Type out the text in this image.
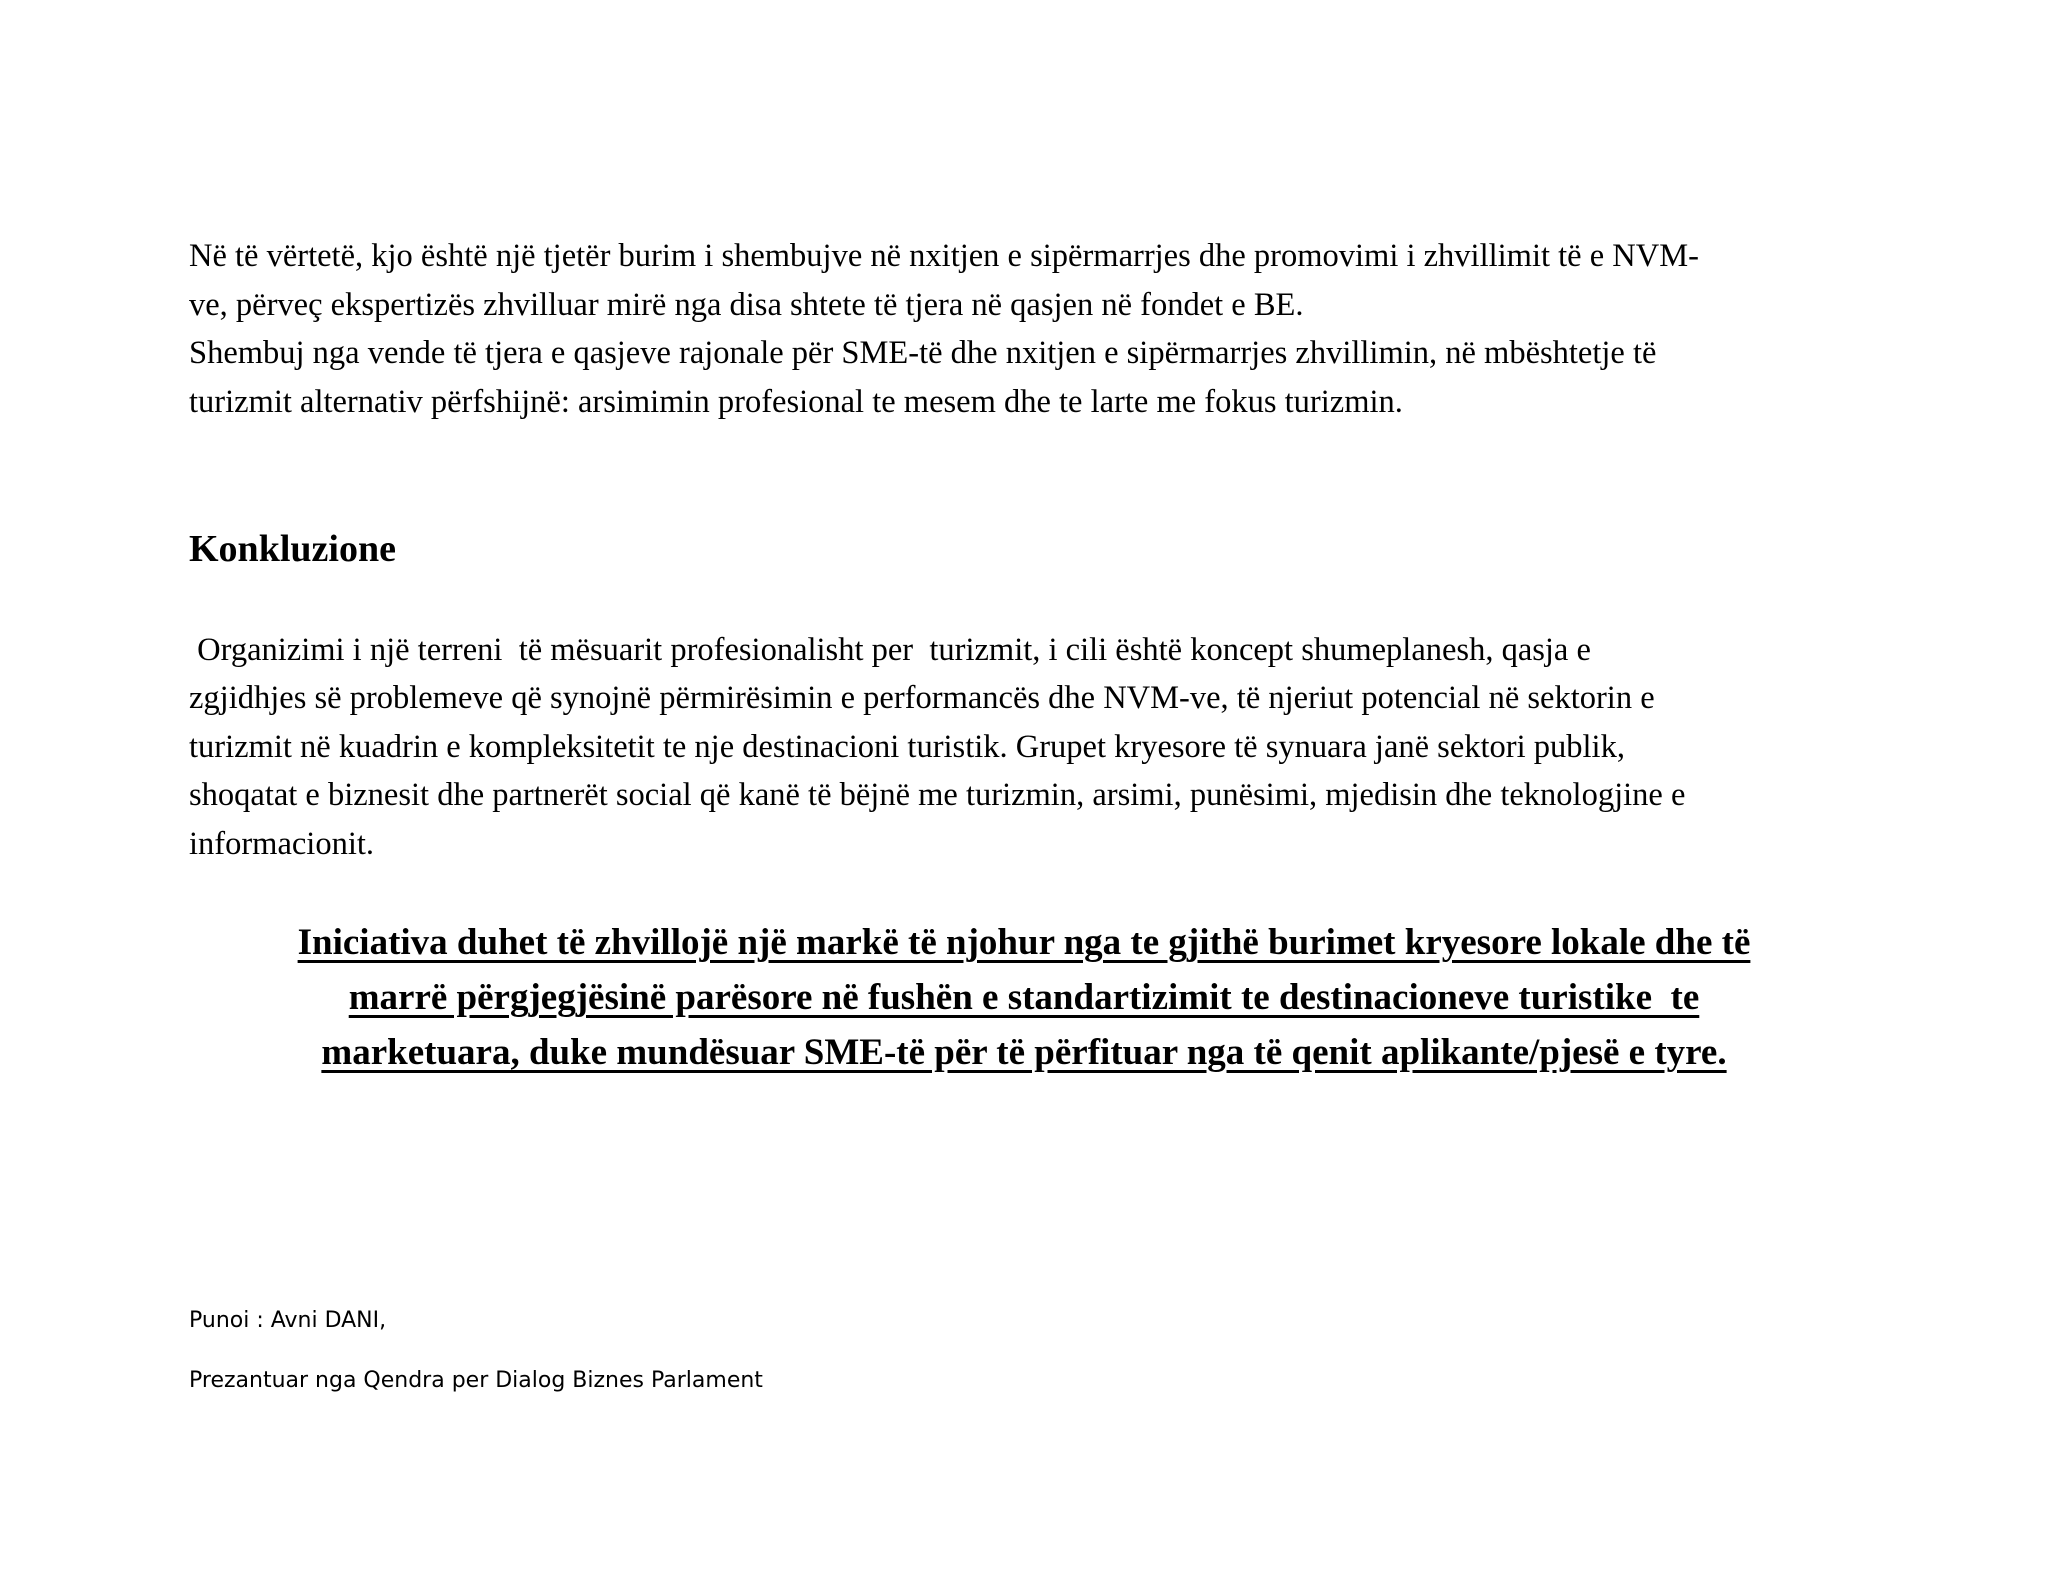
Në të vërtetë, kjo është një tjetër burim i shembujve në nxitjen e sipërmarrjes dhe promovimi i zhvillimit të e NVM-

ve, përveç ekspertizës zhvilluar mirë nga disa shtete të tjera në qasjen në fondet e BE.

Shembuj nga vende të tjera e qasjeve rajonale për SME-të dhe nxitjen e sipërmarrjes zhvillimin, në mbështetje të

turizmit alternativ përfshijnë: arsimimin profesional te mesem dhe te larte me fokus turizmin.

Konkluzione

Organizimi i një terreni  të mësuarit profesionalisht per  turizmit, i cili është koncept shumeplanesh, qasja e

zgjidhjes së problemeve që synojnë përmirësimin e performancës dhe NVM-ve, të njeriut potencial në sektorin e

turizmit në kuadrin e kompleksitetit te nje destinacioni turistik. Grupet kryesore të synuara janë sektori publik,

shoqatat e biznesit dhe partnerët social që kanë të bëjnë me turizmin, arsimi, punësimi, mjedisin dhe teknologjine e

informacionit.

Iniciativa duhet të zhvillojë një markë të njohur nga te gjithë burimet kryesore lokale dhe të

marrë përgjegjësinë parësore në fushën e standartizimit te destinacioneve turistike  te

marketuara, duke mundësuar SME-të për të përfituar nga të qenit aplikante/pjesë e tyre.

Punoi : Avni DANI,

Prezantuar nga Qendra per Dialog Biznes Parlament
